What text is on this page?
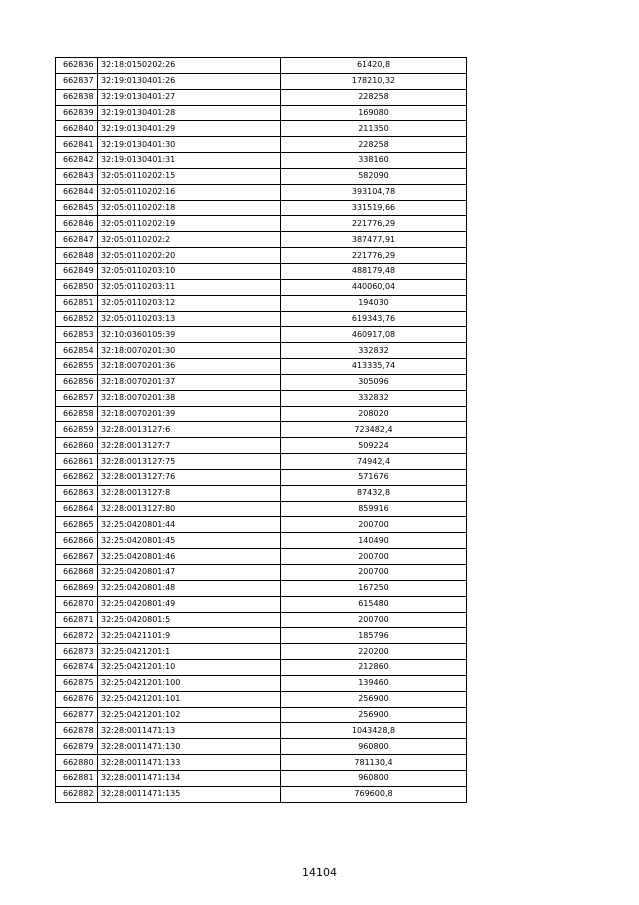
662836	32:18:0150202:26	61420,8
662837	32:19:0130401:26	178210,32
662838	32:19:0130401:27	228258
662839	32:19:0130401:28	169080
662840	32:19:0130401:29	211350
662841	32:19:0130401:30	228258
662842	32:19:0130401:31	338160
662843	32:05:0110202:15	582090
662844	32:05:0110202:16	393104,78
662845	32:05:0110202:18	331519,66
662846	32:05:0110202:19	221776,29
662847	32:05:0110202:2	387477,91
662848	32:05:0110202:20	221776,29
662849	32:05:0110203:10	488179,48
662850	32:05:0110203:11	440060,04
662851	32:05:0110203:12	194030
662852	32:05:0110203:13	619343,76
662853	32:10:0360105:39	460917,08
662854	32:18:0070201:30	332832
662855	32:18:0070201:36	413335,74
662856	32:18:0070201:37	305096
662857	32:18:0070201:38	332832
662858	32:18:0070201:39	208020
662859	32:28:0013127:6	723482,4
662860	32:28:0013127:7	509224
662861	32:28:0013127:75	74942,4
662862	32:28:0013127:76	571676
662863	32:28:0013127:8	87432,8
662864	32:28:0013127:80	859916
662865	32:25:0420801:44	200700
662866	32:25:0420801:45	140490
662867	32:25:0420801:46	200700
662868	32:25:0420801:47	200700
662869	32:25:0420801:48	167250
662870	32:25:0420801:49	615480
662871	32:25:0420801:5	200700
662872	32:25:0421101:9	185796
662873	32:25:0421201:1	220200
662874	32:25:0421201:10	212860
662875	32:25:0421201:100	139460
662876	32:25:0421201:101	256900
662877	32:25:0421201:102	256900
662878	32:28:0011471:13	1043428,8
662879	32:28:0011471:130	960800
662880	32:28:0011471:133	781130,4
662881	32:28:0011471:134	960800
662882	32:28:0011471:135	769600,8
14104
